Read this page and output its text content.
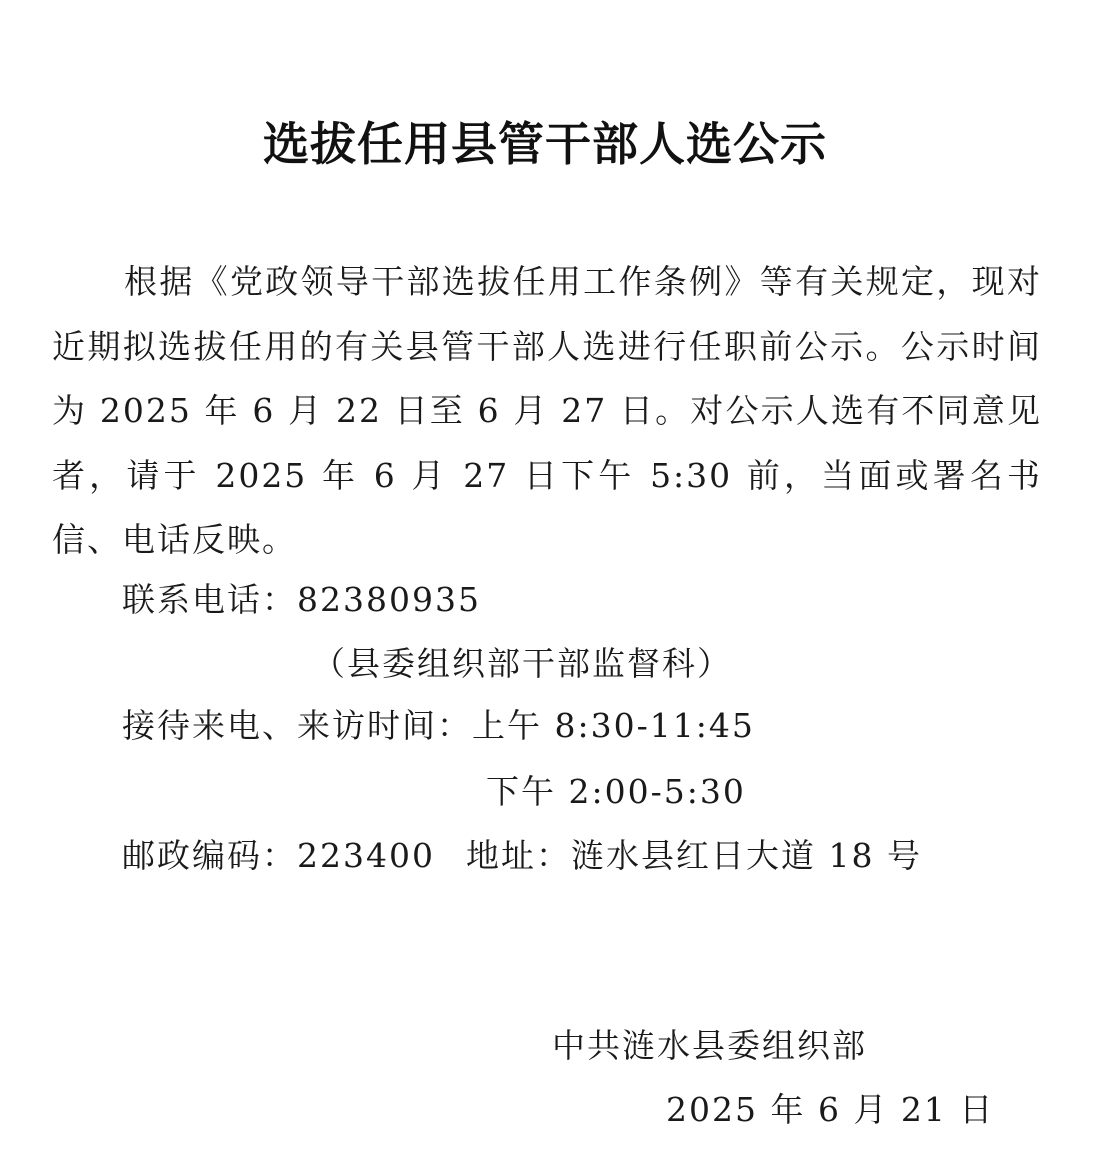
选拔任用县管干部人选公示

根据《党政领导干部选拔任用工作条例》等有关规定，现对近期拟选拔任用的有关县管干部人选进行任职前公示。公示时间为 2025 年 6 月 22 日至 6 月 27 日。对公示人选有不同意见者，请于 2025 年 6 月 27 日下午 5:30 前，当面或署名书信、电话反映。

联系电话：82380935
（县委组织部干部监督科）
接待来电、来访时间：上午 8:30-11:45
下午 2:00-5:30
邮政编码：223400 地址：涟水县红日大道 18 号
中共涟水县委组织部
2025 年 6 月 21 日
